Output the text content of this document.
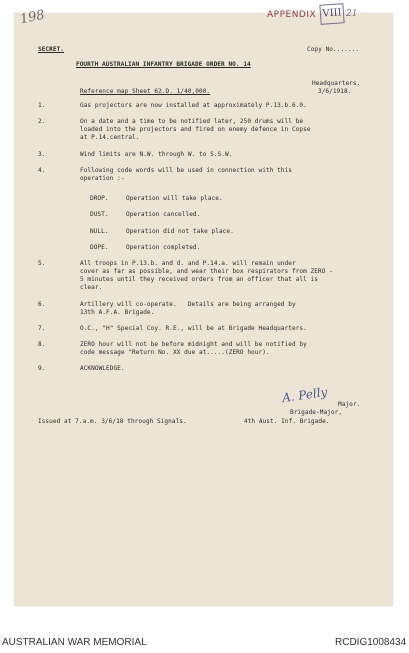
198	APPENDIX VIII 21
SECRET.	Copy No.......
FOURTH AUSTRALIAN INFANTRY BRIGADE ORDER NO. 14
Headquarters.
3/6/1918.
Reference map Sheet 62.D. 1/40,000.
1.	Gas projectors are now installed at approximately P.13.b.6.0.
2.	On a date and a time to be notified later, 250 drums will be
loaded into the projectors and fired on enemy defence in Copse
at P.14.central.
3.	Wind limits are N.W. through W. to S.S.W.
4.	Following code words will be used in connection with this
operation :-
DROP.	Operation will take place.
DUST.	Operation cancelled.
NULL.	Operation did not take place.
DOPE.	Operation completed.
5.	All troops in P.13.b. and d. and P.14.a. will remain under
cover as far as possible, and wear their box respirators from ZERO -
5 minutes until they received orders from an officer that all is
clear.
6.	Artillery will co-operate.   Details are being arranged by
13th A.F.A. Brigade.
7.	O.C., "H" Special Coy. R.E., will be at Brigade Headquarters.
8.	ZERO hour will not be before midnight and will be notified by
code message "Return No. XX due at.....(ZERO hour).
9.	ACKNOWLEDGE.
A. Pelly Major.
Brigade-Major,
Issued at 7.a.m. 3/6/18 through Signals.	4th Aust. Inf. Brigade.
AUSTRALIAN WAR MEMORIAL	RCDIG1008434
